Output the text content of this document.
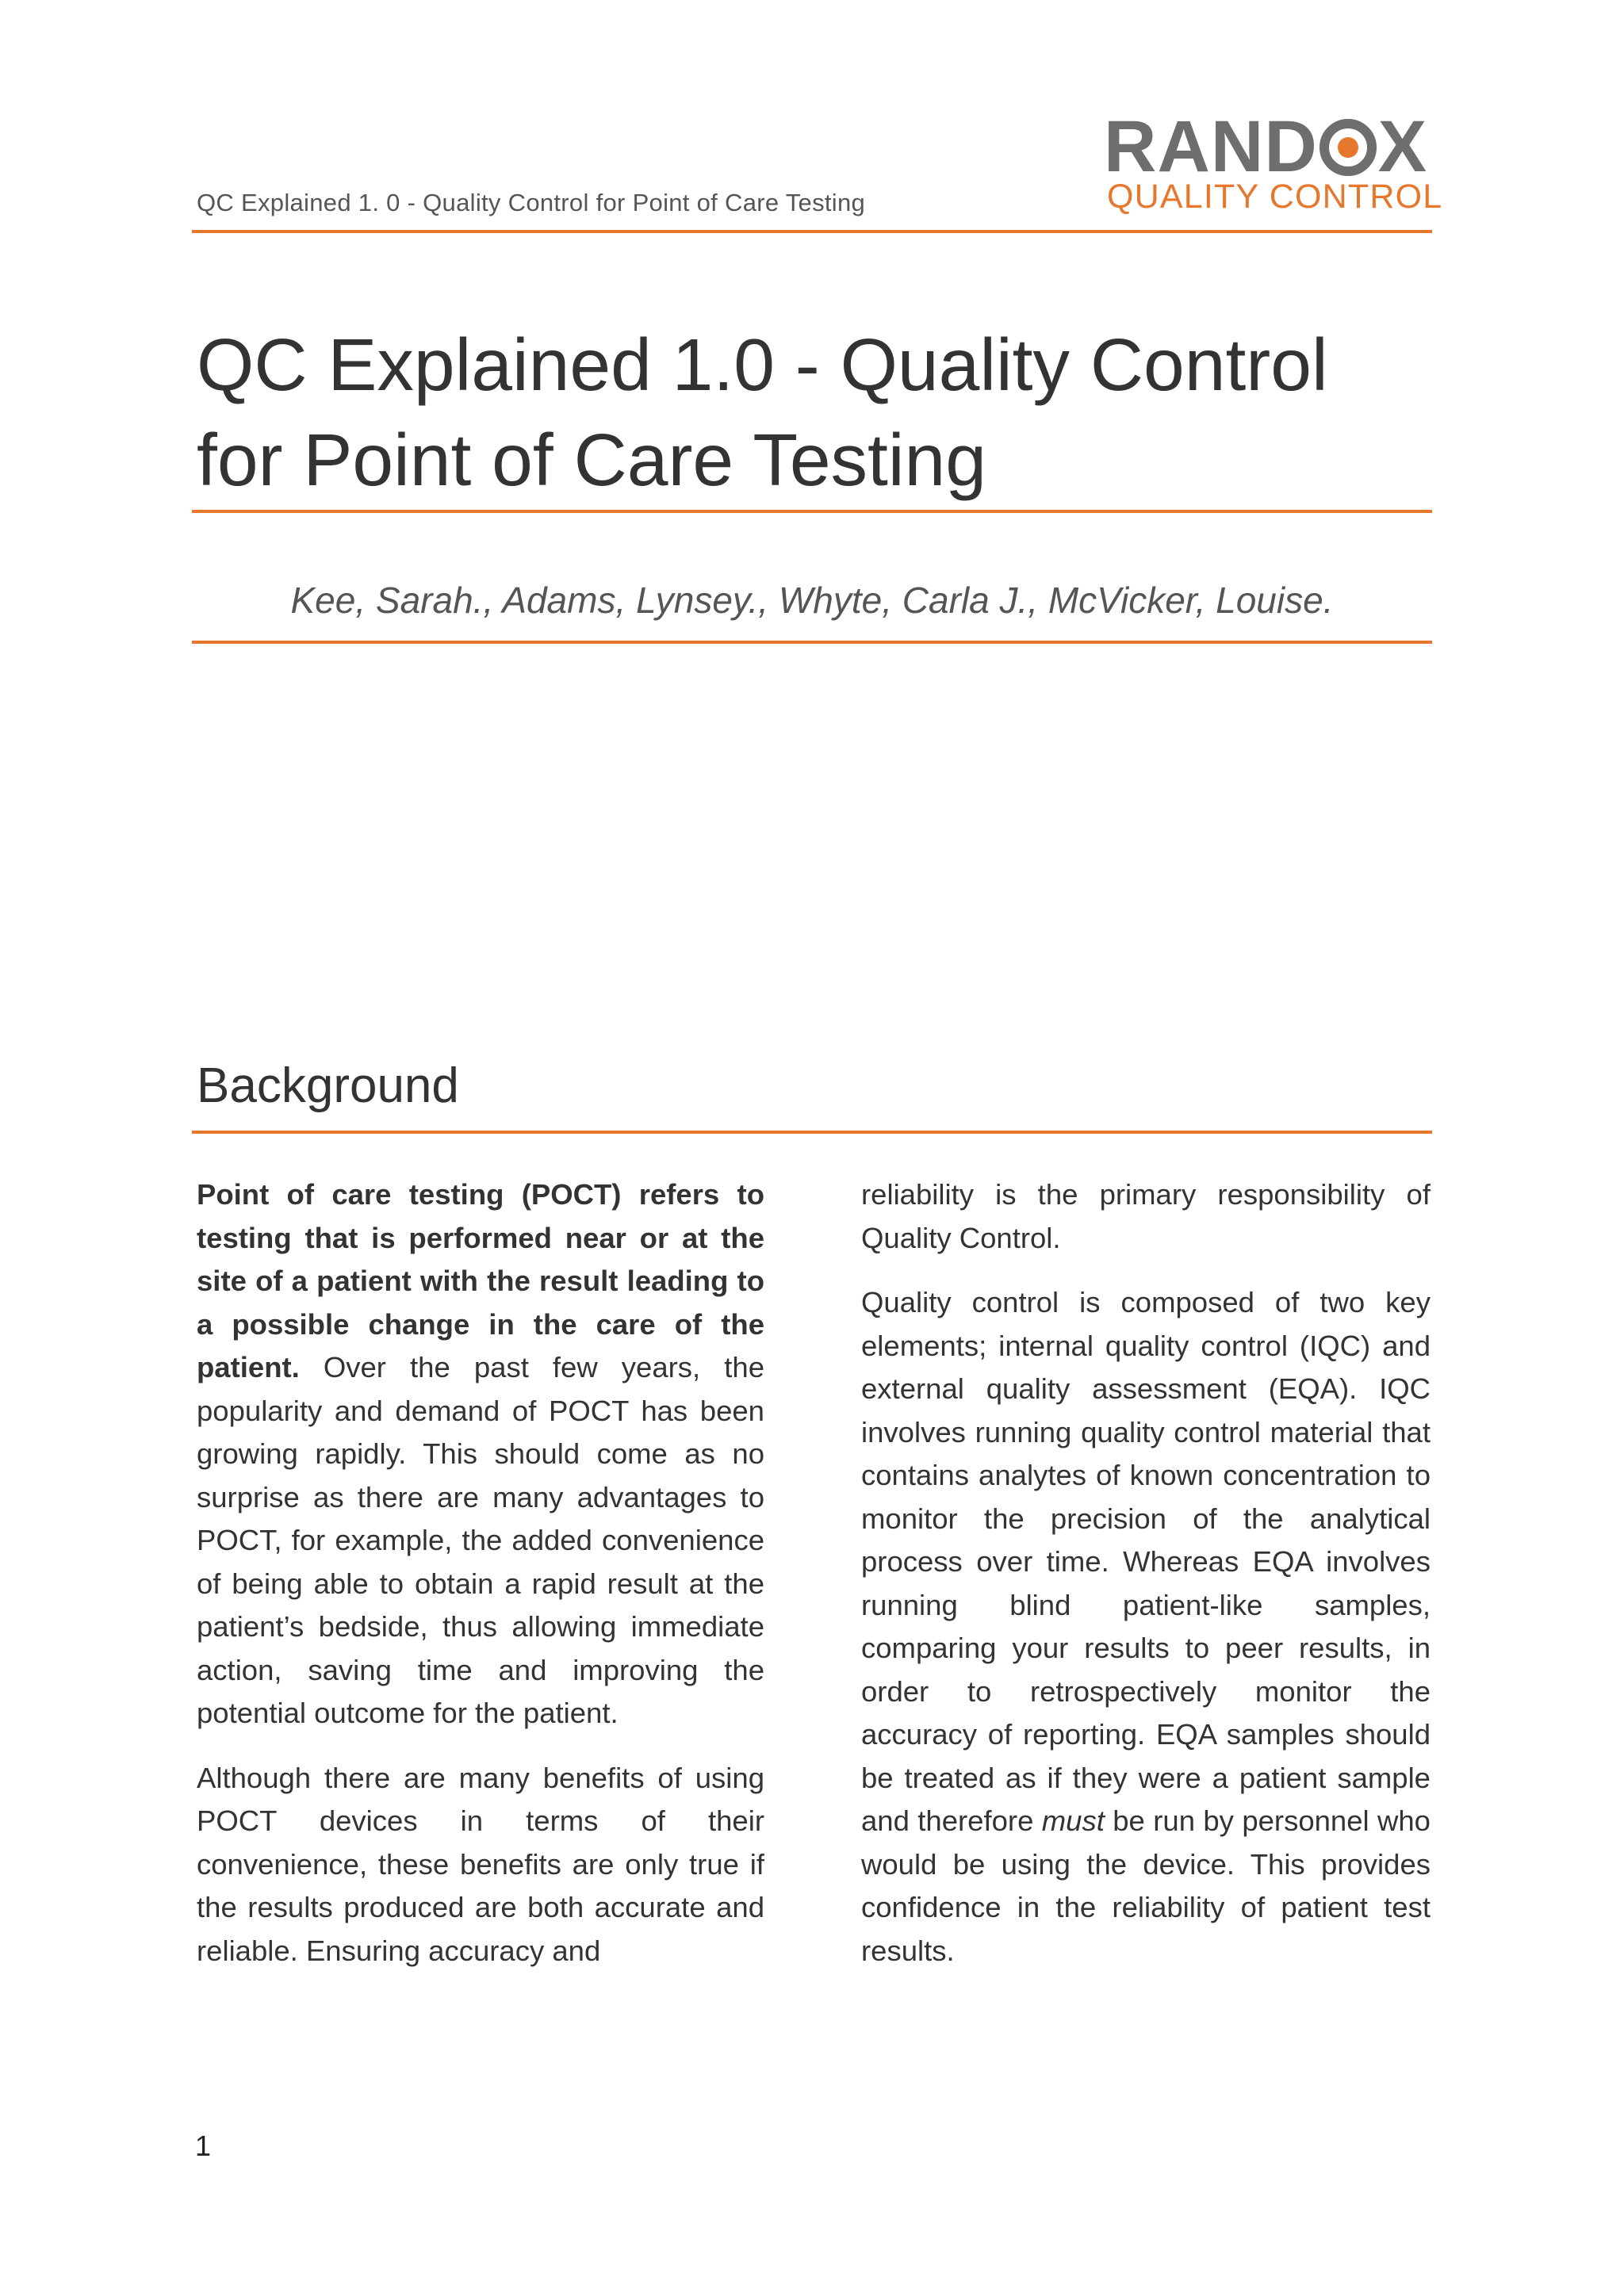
QC Explained 1. 0 - Quality Control for Point of Care Testing
RAND X
QUALITY CONTROL
QC Explained 1.0 - Quality Control for Point of Care Testing
Kee, Sarah., Adams, Lynsey., Whyte, Carla J., McVicker, Louise.
Background

Point of care testing (POCT) refers to testing that is performed near or at the site of a patient with the result leading to a possible change in the care of the patient. Over the past few years, the popularity and demand of POCT has been growing rapidly. This should come as no surprise as there are many advantages to POCT, for example, the added convenience of being able to obtain a rapid result at the patient’s bedside, thus allowing immediate action, saving time and improving the potential outcome for the patient.

Although there are many benefits of using POCT devices in terms of their convenience, these benefits are only true if the results produced are both accurate and reliable. Ensuring accuracy and

reliability is the primary responsibility of Quality Control.

Quality control is composed of two key elements; internal quality control (IQC) and external quality assessment (EQA). IQC involves running quality control material that contains analytes of known concentration to monitor the precision of the analytical process over time. Whereas EQA involves running blind patient-like samples, comparing your results to peer results, in order to retrospectively monitor the accuracy of reporting. EQA samples should be treated as if they were a patient sample and therefore must be run by personnel who would be using the device. This provides confidence in the reliability of patient test results.

1
